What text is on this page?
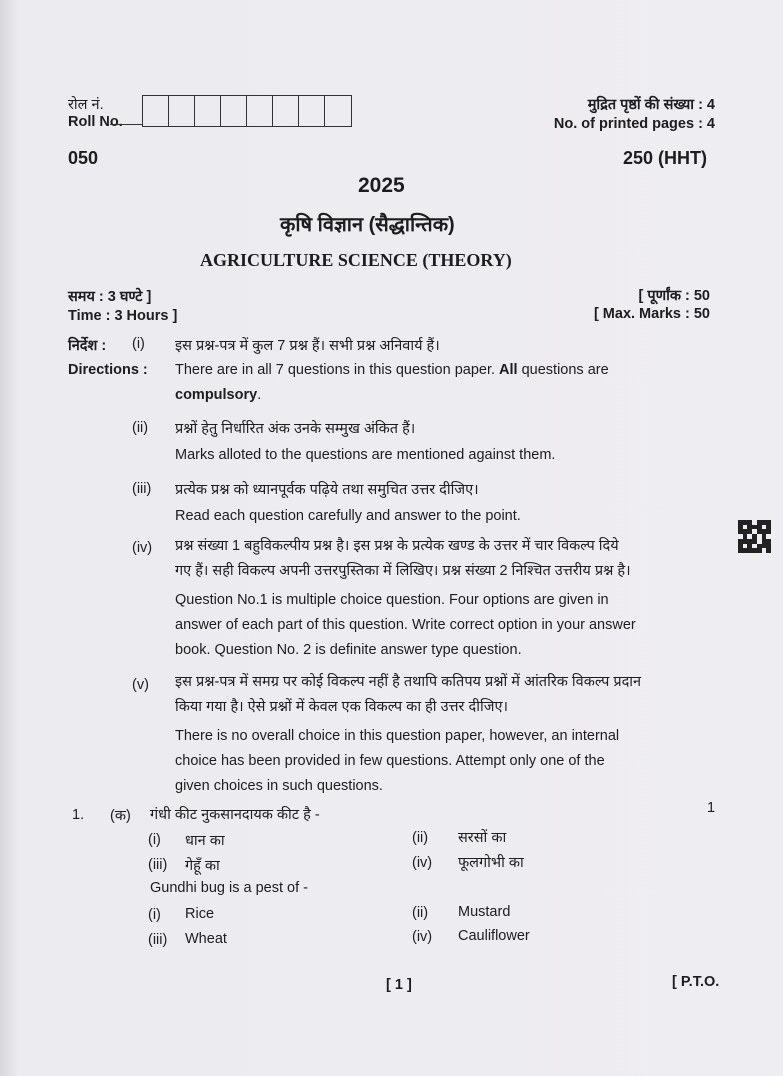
रोल नं.
Roll No.
मुद्रित पृष्ठों की संख्या : 4
No. of printed pages : 4
050	250 (HHT)
2025
कृषि विज्ञान (सैद्धान्तिक)
AGRICULTURE SCIENCE (THEORY)
समय : 3 घण्टे ]
Time : 3 Hours ]
[ पूर्णांक : 50
[ Max. Marks : 50
निर्देश : (i) इस प्रश्न-पत्र में कुल 7 प्रश्न हैं। सभी प्रश्न अनिवार्य हैं।
Directions : There are in all 7 questions in this question paper. All questions are
compulsory.
(ii) प्रश्नों हेतु निर्धारित अंक उनके सम्मुख अंकित हैं।
Marks alloted to the questions are mentioned against them.
(iii) प्रत्येक प्रश्न को ध्यानपूर्वक पढ़िये तथा समुचित उत्तर दीजिए।
Read each question carefully and answer to the point.
(iv) प्रश्न संख्या 1 बहुविकल्पीय प्रश्न है। इस प्रश्न के प्रत्येक खण्ड के उत्तर में चार विकल्प दिये
गए हैं। सही विकल्प अपनी उत्तरपुस्तिका में लिखिए। प्रश्न संख्या 2 निश्चित उत्तरीय प्रश्न है।
Question No.1 is multiple choice question. Four options are given in
answer of each part of this question. Write correct option in your answer
book. Question No. 2 is definite answer type question.
(v) इस प्रश्न-पत्र में समग्र पर कोई विकल्प नहीं है तथापि कतिपय प्रश्नों में आंतरिक विकल्प प्रदान
किया गया है। ऐसे प्रश्नों में केवल एक विकल्प का ही उत्तर दीजिए।
There is no overall choice in this question paper, however, an internal
choice has been provided in few questions. Attempt only one of the
given choices in such questions.
1. (क) गंधी कीट नुकसानदायक कीट है -	1
(i) धान का	(ii) सरसों का
(iii) गेहूँ का	(iv) फूलगोभी का
Gundhi bug is a pest of -
(i) Rice	(ii) Mustard
(iii) Wheat	(iv) Cauliflower
[ 1 ]	[ P.T.O.
